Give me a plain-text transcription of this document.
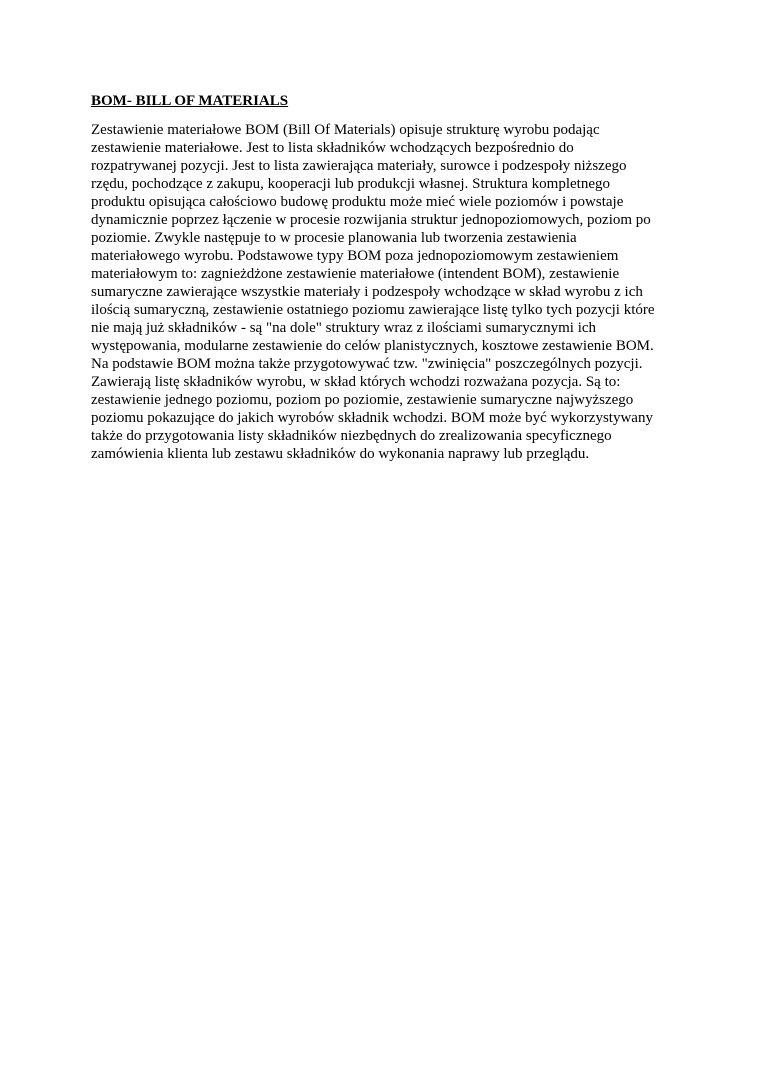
BOM- BILL OF MATERIALS

Zestawienie materiałowe BOM (Bill Of Materials) opisuje strukturę wyrobu podając
zestawienie materiałowe. Jest to lista składników wchodzących bezpośrednio do
rozpatrywanej pozycji. Jest to lista zawierająca materiały, surowce i podzespoły niższego
rzędu, pochodzące z zakupu, kooperacji lub produkcji własnej. Struktura kompletnego
produktu opisująca całościowo budowę produktu może mieć wiele poziomów i powstaje
dynamicznie poprzez łączenie w procesie rozwijania struktur jednopoziomowych, poziom po
poziomie. Zwykle następuje to w procesie planowania lub tworzenia zestawienia
materiałowego wyrobu. Podstawowe typy BOM poza jednopoziomowym zestawieniem
materiałowym to: zagnieżdżone zestawienie materiałowe (intendent BOM), zestawienie
sumaryczne zawierające wszystkie materiały i podzespoły wchodzące w skład wyrobu z ich
ilością sumaryczną, zestawienie ostatniego poziomu zawierające listę tylko tych pozycji które
nie mają już składników - są "na dole" struktury wraz z ilościami sumarycznymi ich
występowania, modularne zestawienie do celów planistycznych, kosztowe zestawienie BOM.
Na podstawie BOM można także przygotowywać tzw. "zwinięcia" poszczególnych pozycji.
Zawierają listę składników wyrobu, w skład których wchodzi rozważana pozycja. Są to:
zestawienie jednego poziomu, poziom po poziomie, zestawienie sumaryczne najwyższego
poziomu pokazujące do jakich wyrobów składnik wchodzi. BOM może być wykorzystywany
także do przygotowania listy składników niezbędnych do zrealizowania specyficznego
zamówienia klienta lub zestawu składników do wykonania naprawy lub przeglądu.
